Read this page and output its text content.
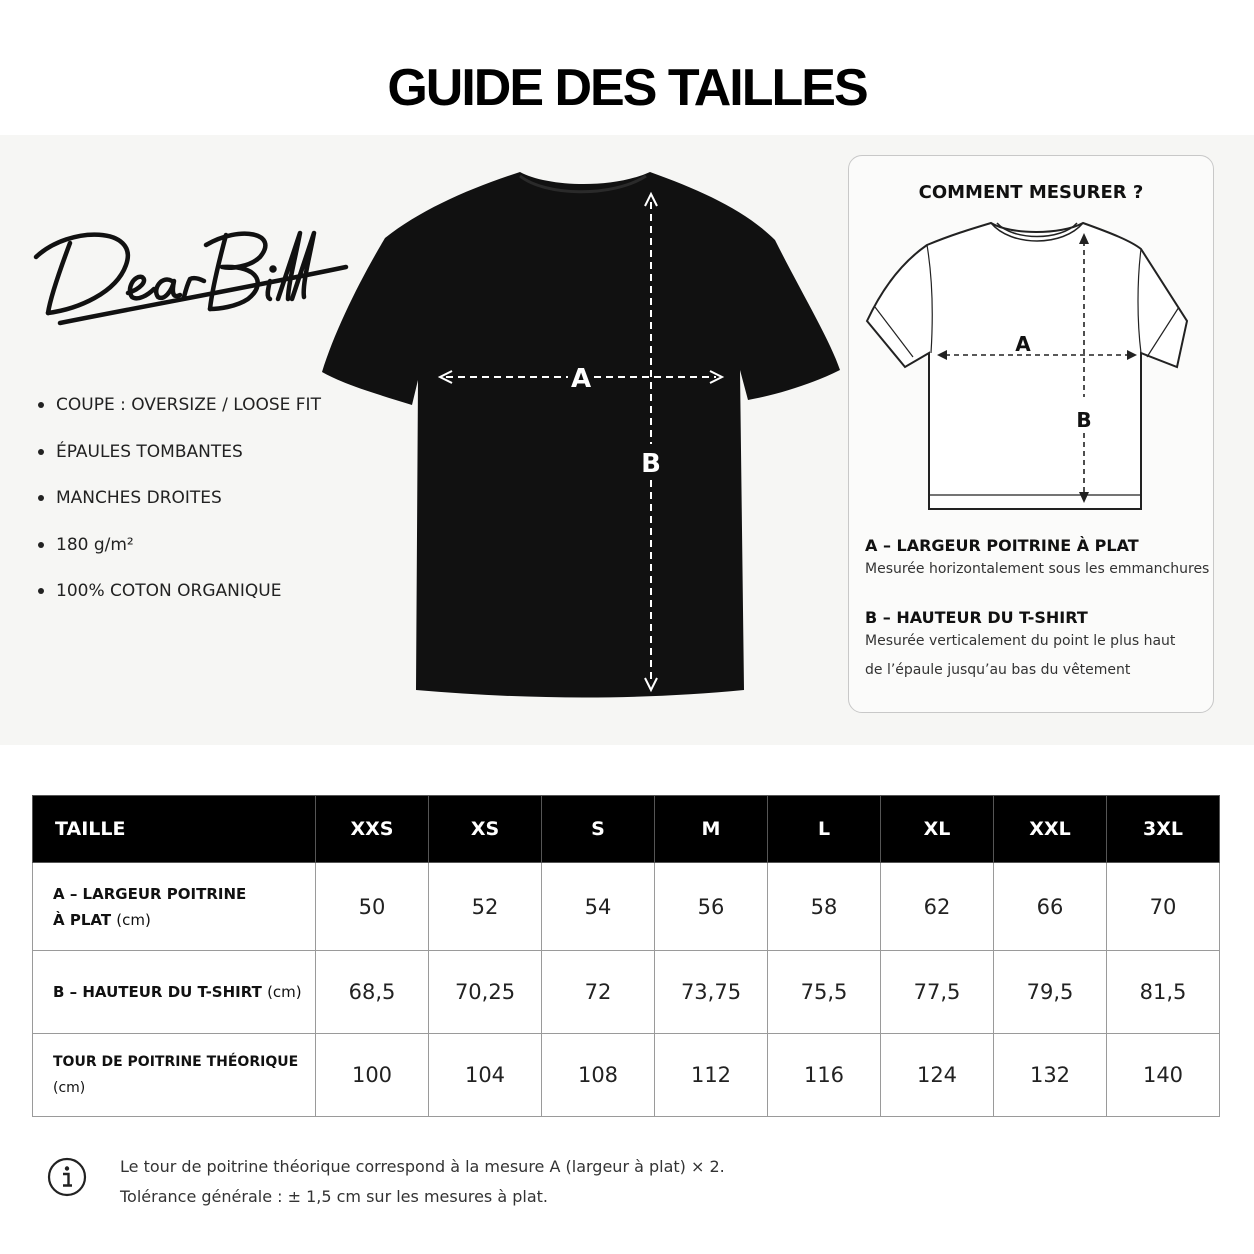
GUIDE DES TAILLES
COUPE : OVERSIZE / LOOSE FIT
ÉPAULES TOMBANTES
MANCHES DROITES
180 g/m²
100% COTON ORGANIQUE
A
B
COMMENT MESURER ?
A
B
A – LARGEUR POITRINE À PLAT
Mesurée horizontalement sous les emmanchures
B – HAUTEUR DU T-SHIRT
Mesurée verticalement du point le plus haut
de l’épaule jusqu’au bas du vêtement
TAILLE	XXS	XS	S	M	L	XL	XXL	3XL
A – LARGEUR POITRINE
À PLAT (cm)	50	52	54	56	58	62	66	70
B – HAUTEUR DU T-SHIRT (cm)	68,5	70,25	72	73,75	75,5	77,5	79,5	81,5
TOUR DE POITRINE THÉORIQUE (cm)	100	104	108	112	116	124	132	140
Le tour de poitrine théorique correspond à la mesure A (largeur à plat) × 2.
Tolérance générale : ± 1,5 cm sur les mesures à plat.
